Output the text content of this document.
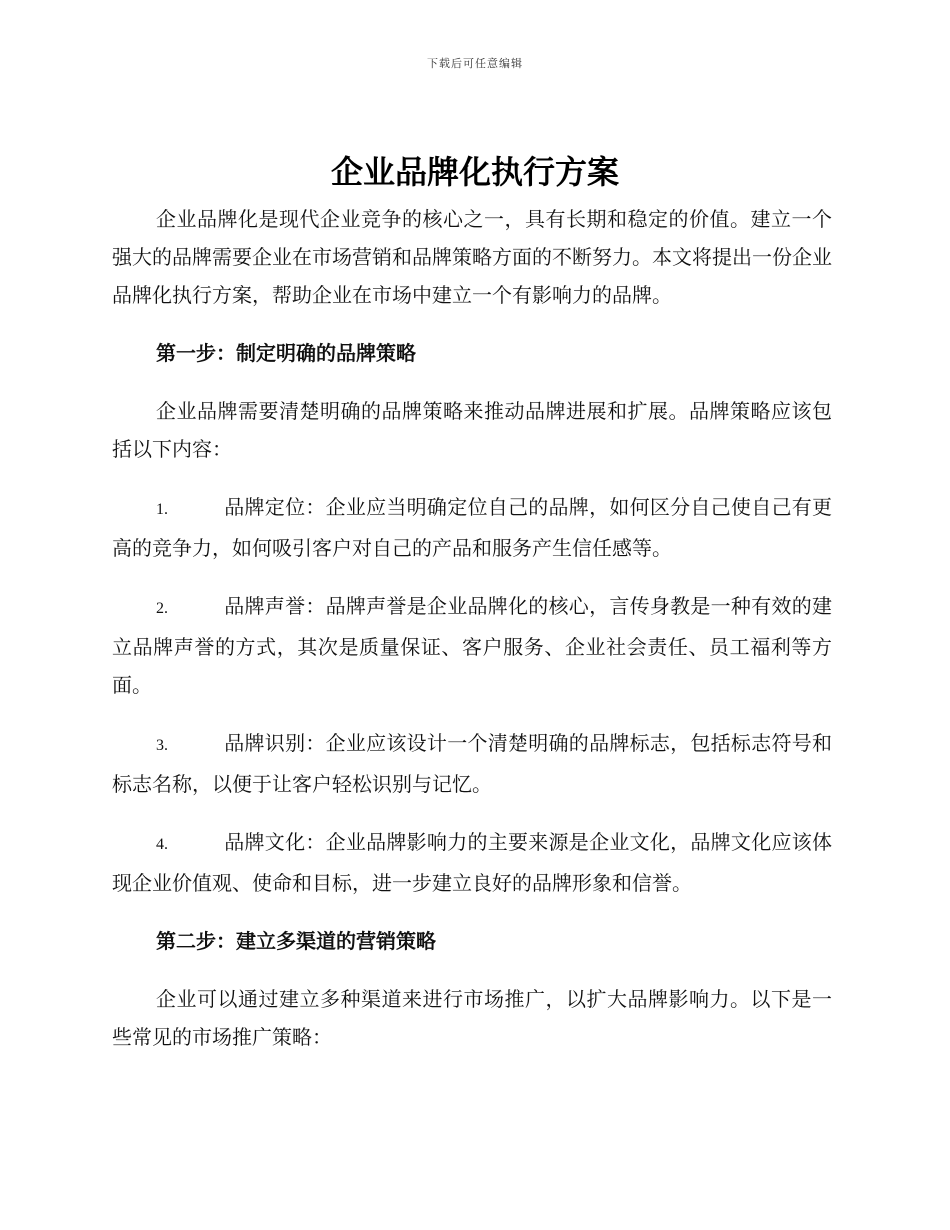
下载后可任意编辑
企业品牌化执行方案

企业品牌化是现代企业竞争的核心之一，具有长期和稳定的价值。建立一个强大的品牌需要企业在市场营销和品牌策略方面的不断努力。本文将提出一份企业品牌化执行方案，帮助企业在市场中建立一个有影响力的品牌。

第一步：制定明确的品牌策略

企业品牌需要清楚明确的品牌策略来推动品牌进展和扩展。品牌策略应该包括以下内容：

1.	品牌定位：企业应当明确定位自己的品牌，如何区分自己使自己有更高的竞争力，如何吸引客户对自己的产品和服务产生信任感等。

2.	品牌声誉：品牌声誉是企业品牌化的核心，言传身教是一种有效的建立品牌声誉的方式，其次是质量保证、客户服务、企业社会责任、员工福利等方面。

3.	品牌识别：企业应该设计一个清楚明确的品牌标志，包括标志符号和标志名称，以便于让客户轻松识别与记忆。

4.	品牌文化：企业品牌影响力的主要来源是企业文化，品牌文化应该体现企业价值观、使命和目标，进一步建立良好的品牌形象和信誉。

第二步：建立多渠道的营销策略

企业可以通过建立多种渠道来进行市场推广，以扩大品牌影响力。以下是一些常见的市场推广策略：
